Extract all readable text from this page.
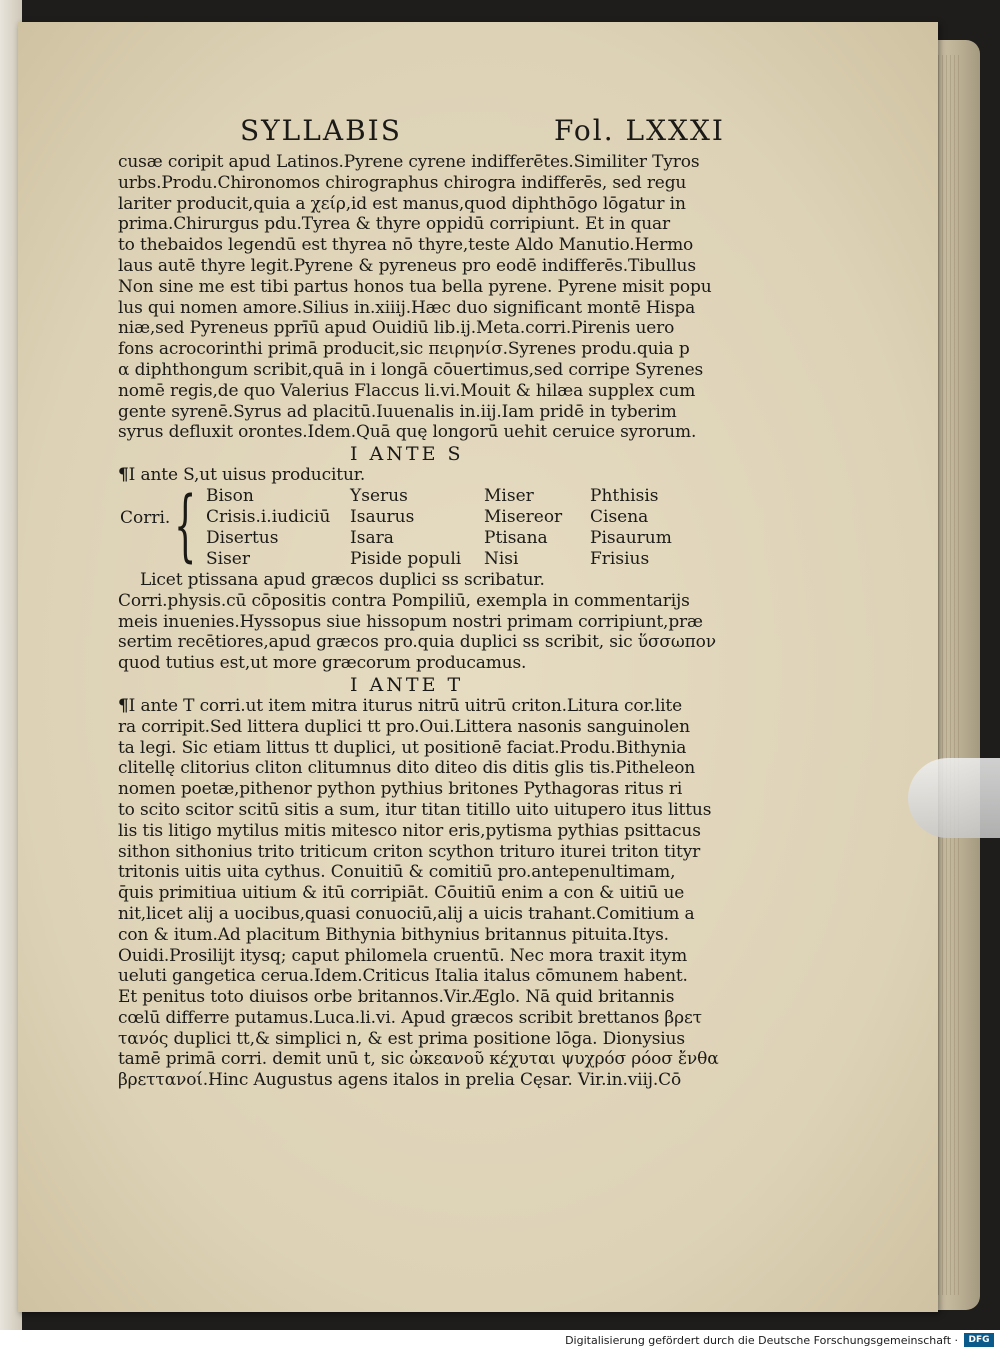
SYLLABIS	Fol. LXXXI
cusæ coripit apud Latinos.Pyrene cyrene indifferētes.Similiter Tyros
urbs.Produ.Chironomos chirographus chirogra indifferēs, sed regu
lariter producit,quia a χείρ,id est manus,quod diphthōgo lōgatur in
prima.Chirurgus pdu.Tyrea & thyre oppidū corripiunt. Et in quar
to thebaidos legendū est thyrea nō thyre,teste Aldo Manutio.Hermo
laus autē thyre legit.Pyrene & pyreneus pro eodē indifferēs.Tibullus
Non sine me est tibi partus honos tua bella pyrene. Pyrene misit popu
lus qui nomen amore.Silius in.xiiij.Hæc duo significant montē Hispa
niæ,sed Pyreneus pprīū apud Ouidiū lib.ij.Meta.corri.Pirenis uero
fons acrocorinthi primā producit,sic πειρηνίσ.Syrenes produ.quia p
α diphthongum scribit,quā in i longā cōuertimus,sed corripe Syrenes
nomē regis,de quo Valerius Flaccus li.vi.Mouit & hilæa supplex cum
gente syrenē.Syrus ad placitū.Iuuenalis in.iij.Iam pridē in tyberim
syrus defluxit orontes.Idem.Quā quę longorū uehit ceruice syrorum.
I ANTE S
¶I ante S,ut uisus producitur.
Corri. { Bison
Crisis.i.iudiciū
Disertus
Siser
Yserus
Isaurus
Isara
Piside populi
Miser
Misereor
Ptisana
Nisi
Phthisis
Cisena
Pisaurum
Frisius
Licet ptissana apud græcos duplici ss scribatur.
Corri.physis.cū cōpositis contra Pompiliū, exempla in commentarijs
meis inuenies.Hyssopus siue hissopum nostri primam corripiunt,præ
sertim recētiores,apud græcos pro.quia duplici ss scribit, sic ὕσσωπον
quod tutius est,ut more græcorum producamus.
I ANTE T
¶I ante T corri.ut item mitra iturus nitrū uitrū criton.Litura cor.lite
ra corripit.Sed littera duplici tt pro.Oui.Littera nasonis sanguinolen
ta legi. Sic etiam littus tt duplici, ut positionē faciat.Produ.Bithynia
clitellę clitorius cliton clitumnus dito diteo dis ditis glis tis.Pitheleon
nomen poetæ,pithenor python pythius britones Pythagoras ritus ri
to scito scitor scitū sitis a sum, itur titan titillo uito uitupero itus littus
lis tis litigo mytilus mitis mitesco nitor eris,pytisma pythias psittacus
sithon sithonius trito triticum criton scython trituro iturei triton tityr
tritonis uitis uita cythus. Conuitiū & comitiū pro.antepenultimam,
q̄uis primitiua uitium & itū corripiāt. Cōuitiū enim a con & uitiū ue
nit,licet alij a uocibus,quasi conuociū,alij a uicis trahant.Comitium a
con & itum.Ad placitum Bithynia bithynius britannus pituita.Itys.
Ouidi.Prosilijt itysq; caput philomela cruentū. Nec mora traxit itym
ueluti gangetica cerua.Idem.Criticus Italia italus cōmunem habent.
Et penitus toto diuisos orbe britannos.Vir.Æglo. Nā quid britannis
cœlū differre putamus.Luca.li.vi. Apud græcos scribit brettanos βρετ
τανός duplici tt,& simplici n, & est prima positione lōga. Dionysius
tamē primā corri. demit unū t, sic ὠκεανοῦ κέχυται ψυχρόσ ρόοσ ἔνθα
βρεττανοί.Hinc Augustus agens italos in prelia Cęsar. Vir.in.viij.Cō
Digitalisierung gefördert durch die Deutsche Forschungsgemeinschaft ·	DFG
